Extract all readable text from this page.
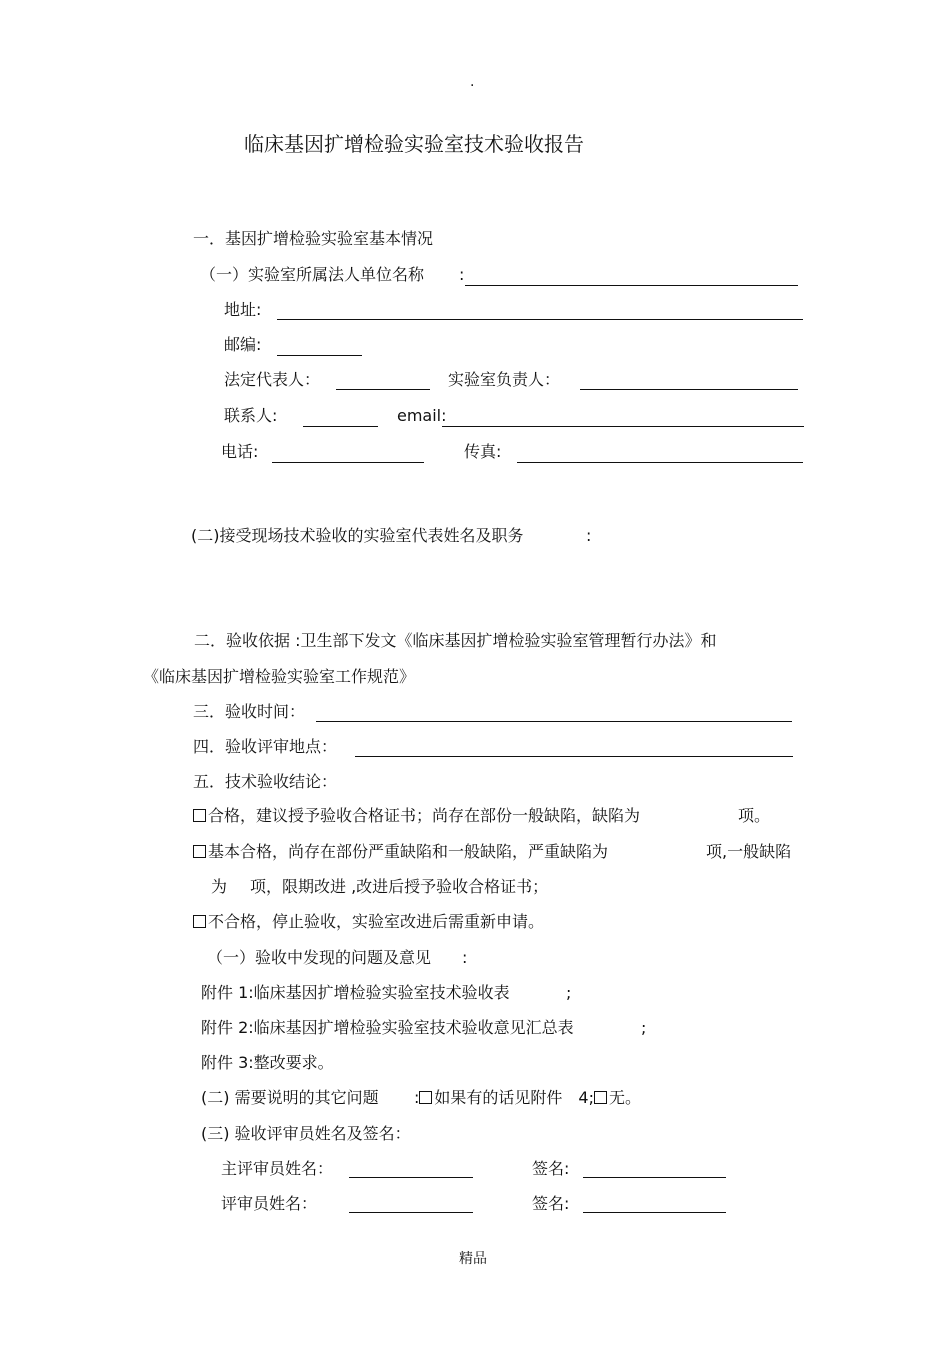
.
临床基因扩增检验实验室技术验收报告
一．基因扩增检验实验室基本情况
（一）实验室所属法人单位名称 :
地址:
邮编:
法定代表人：	实验室负责人：
联系人:	email:
电话:	传真:
(二)接受现场技术验收的实验室代表姓名及职务	:
二．验收依据 :卫生部下发文《临床基因扩增检验实验室管理暂行办法》和
《临床基因扩增检验实验室工作规范》
三．验收时间：
四．验收评审地点：
五．技术验收结论：
合格，建议授予验收合格证书；尚存在部份一般缺陷，缺陷为	项。
基本合格，尚存在部份严重缺陷和一般缺陷，严重缺陷为	项,一般缺陷
为 项，限期改进 ,改进后授予验收合格证书；
不合格，停止验收，实验室改进后需重新申请。
（一）验收中发现的问题及意见 :
附件 1:临床基因扩增检验实验室技术验收表	;
附件 2:临床基因扩增检验实验室技术验收意见汇总表	;
附件 3:整改要求。
(二) 需要说明的其它问题 : 如果有的话见附件 4; 无。
(三) 验收评审员姓名及签名：
主评审员姓名：	签名:
评审员姓名：	签名:
精品
